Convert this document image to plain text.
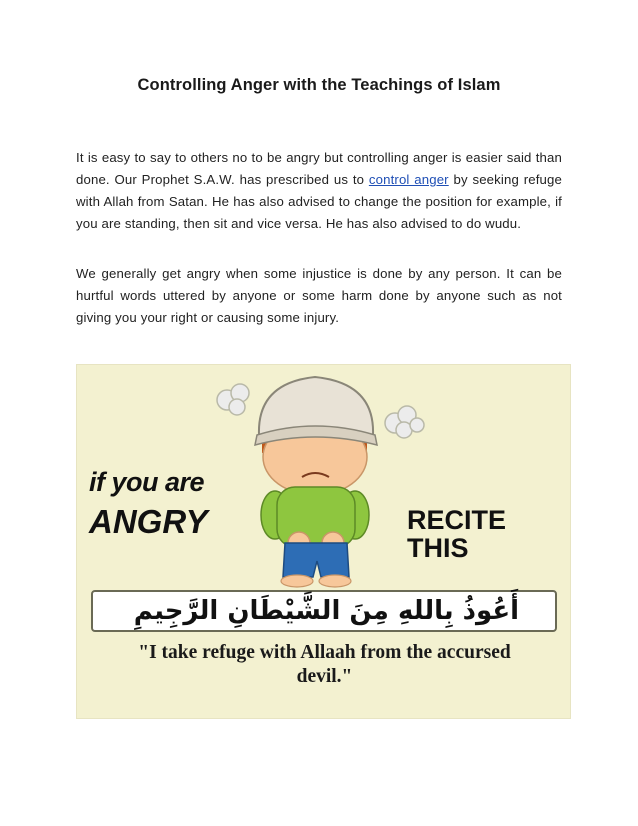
Controlling Anger with the Teachings of Islam

It is easy to say to others no to be angry but controlling anger is easier said than done. Our Prophet S.A.W. has prescribed us to control anger by seeking refuge with Allah from Satan. He has also advised to change the position for example, if you are standing, then sit and vice versa. He has also advised to do wudu.

We generally get angry when some injustice is done by any person. It can be hurtful words uttered by anyone or some harm done by anyone such as not giving you your right or causing some injury.

if you are
ANGRY	RECITE
THIS
أَعُوذُ بِاللهِ مِنَ الشَّيْطَانِ الرَّجِيمِ
"I take refuge with Allaah from the accursed
devil."
